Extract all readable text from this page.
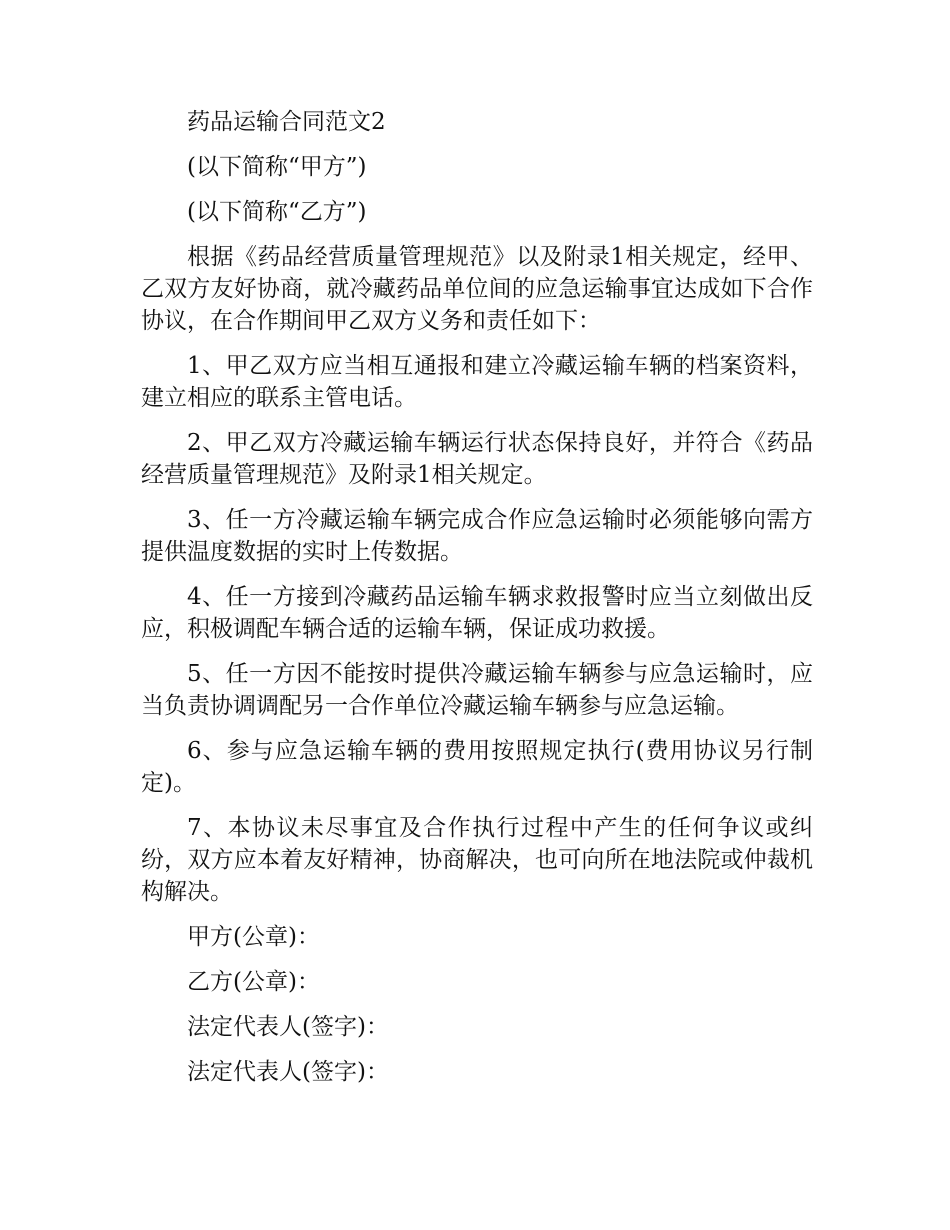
药品运输合同范文2

(以下简称“甲方”)

(以下简称“乙方”)

根据《药品经营质量管理规范》以及附录1相关规定，经甲、乙双方友好协商，就冷藏药品单位间的应急运输事宜达成如下合作协议，在合作期间甲乙双方义务和责任如下：

1、甲乙双方应当相互通报和建立冷藏运输车辆的档案资料，建立相应的联系主管电话。

2、甲乙双方冷藏运输车辆运行状态保持良好，并符合《药品经营质量管理规范》及附录1相关规定。

3、任一方冷藏运输车辆完成合作应急运输时必须能够向需方提供温度数据的实时上传数据。

4、任一方接到冷藏药品运输车辆求救报警时应当立刻做出反应，积极调配车辆合适的运输车辆，保证成功救援。

5、任一方因不能按时提供冷藏运输车辆参与应急运输时，应当负责协调调配另一合作单位冷藏运输车辆参与应急运输。

6、参与应急运输车辆的费用按照规定执行(费用协议另行制定)。

7、本协议未尽事宜及合作执行过程中产生的任何争议或纠纷，双方应本着友好精神，协商解决，也可向所在地法院或仲裁机构解决。

甲方(公章)：

乙方(公章)：

法定代表人(签字)：

法定代表人(签字)：
